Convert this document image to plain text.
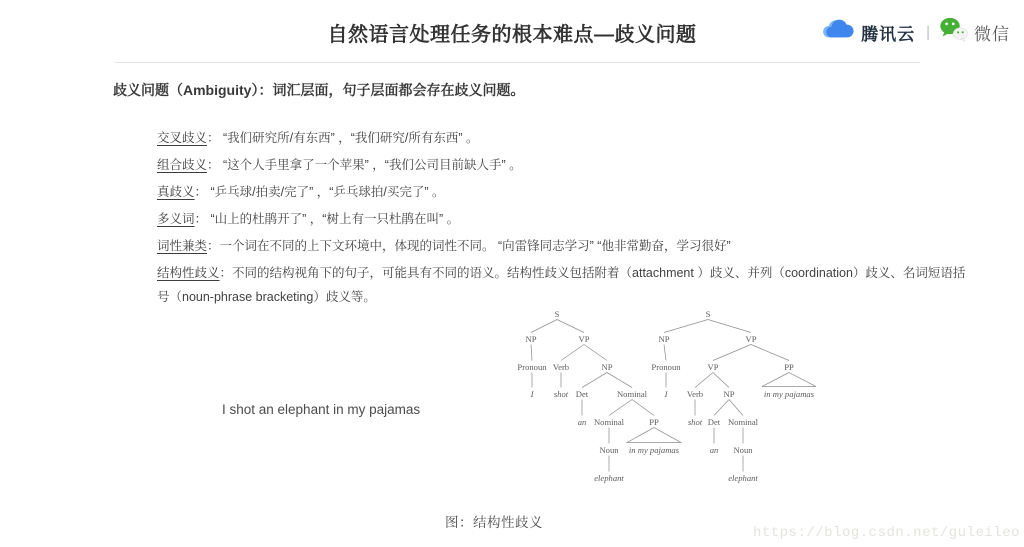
自然语言处理任务的根本难点—歧义问题	腾讯云 |	微信
歧义问题（Ambiguity）：词汇层面，句子层面都会存在歧义问题。
交叉歧义： “我们研究所/有东西” ，“我们研究/所有东西” 。
组合歧义： “这个人手里拿了一个苹果” ，“我们公司目前缺人手” 。
真歧义： “乒乓球/拍卖/完了” ，“乒乓球拍/买完了” 。
多义词： “山上的杜鹃开了” ，“树上有一只杜鹃在叫” 。
词性兼类：一个词在不同的上下文环境中，体现的词性不同。 “向雷锋同志学习” “他非常勤奋，学习很好”
结构性歧义：不同的结构视角下的句子，可能具有不同的语义。结构性歧义包括附着（attachment ）歧义、并列（coordination）歧义、名词短语括号（noun-phrase bracketing）歧义等。
I shot an elephant in my pajamas
S
NP	VP
Pronoun Verb	NP
I shot Det	Nominal
an Nominal	PP
Noun in my pajamas
elephant
S
NP	VP
Pronoun	VP	PP
I Verb NP	in my pajamas
shot Det Nominal
an Noun
elephant
图：结构性歧义
https://blog.csdn.net/guleileo
